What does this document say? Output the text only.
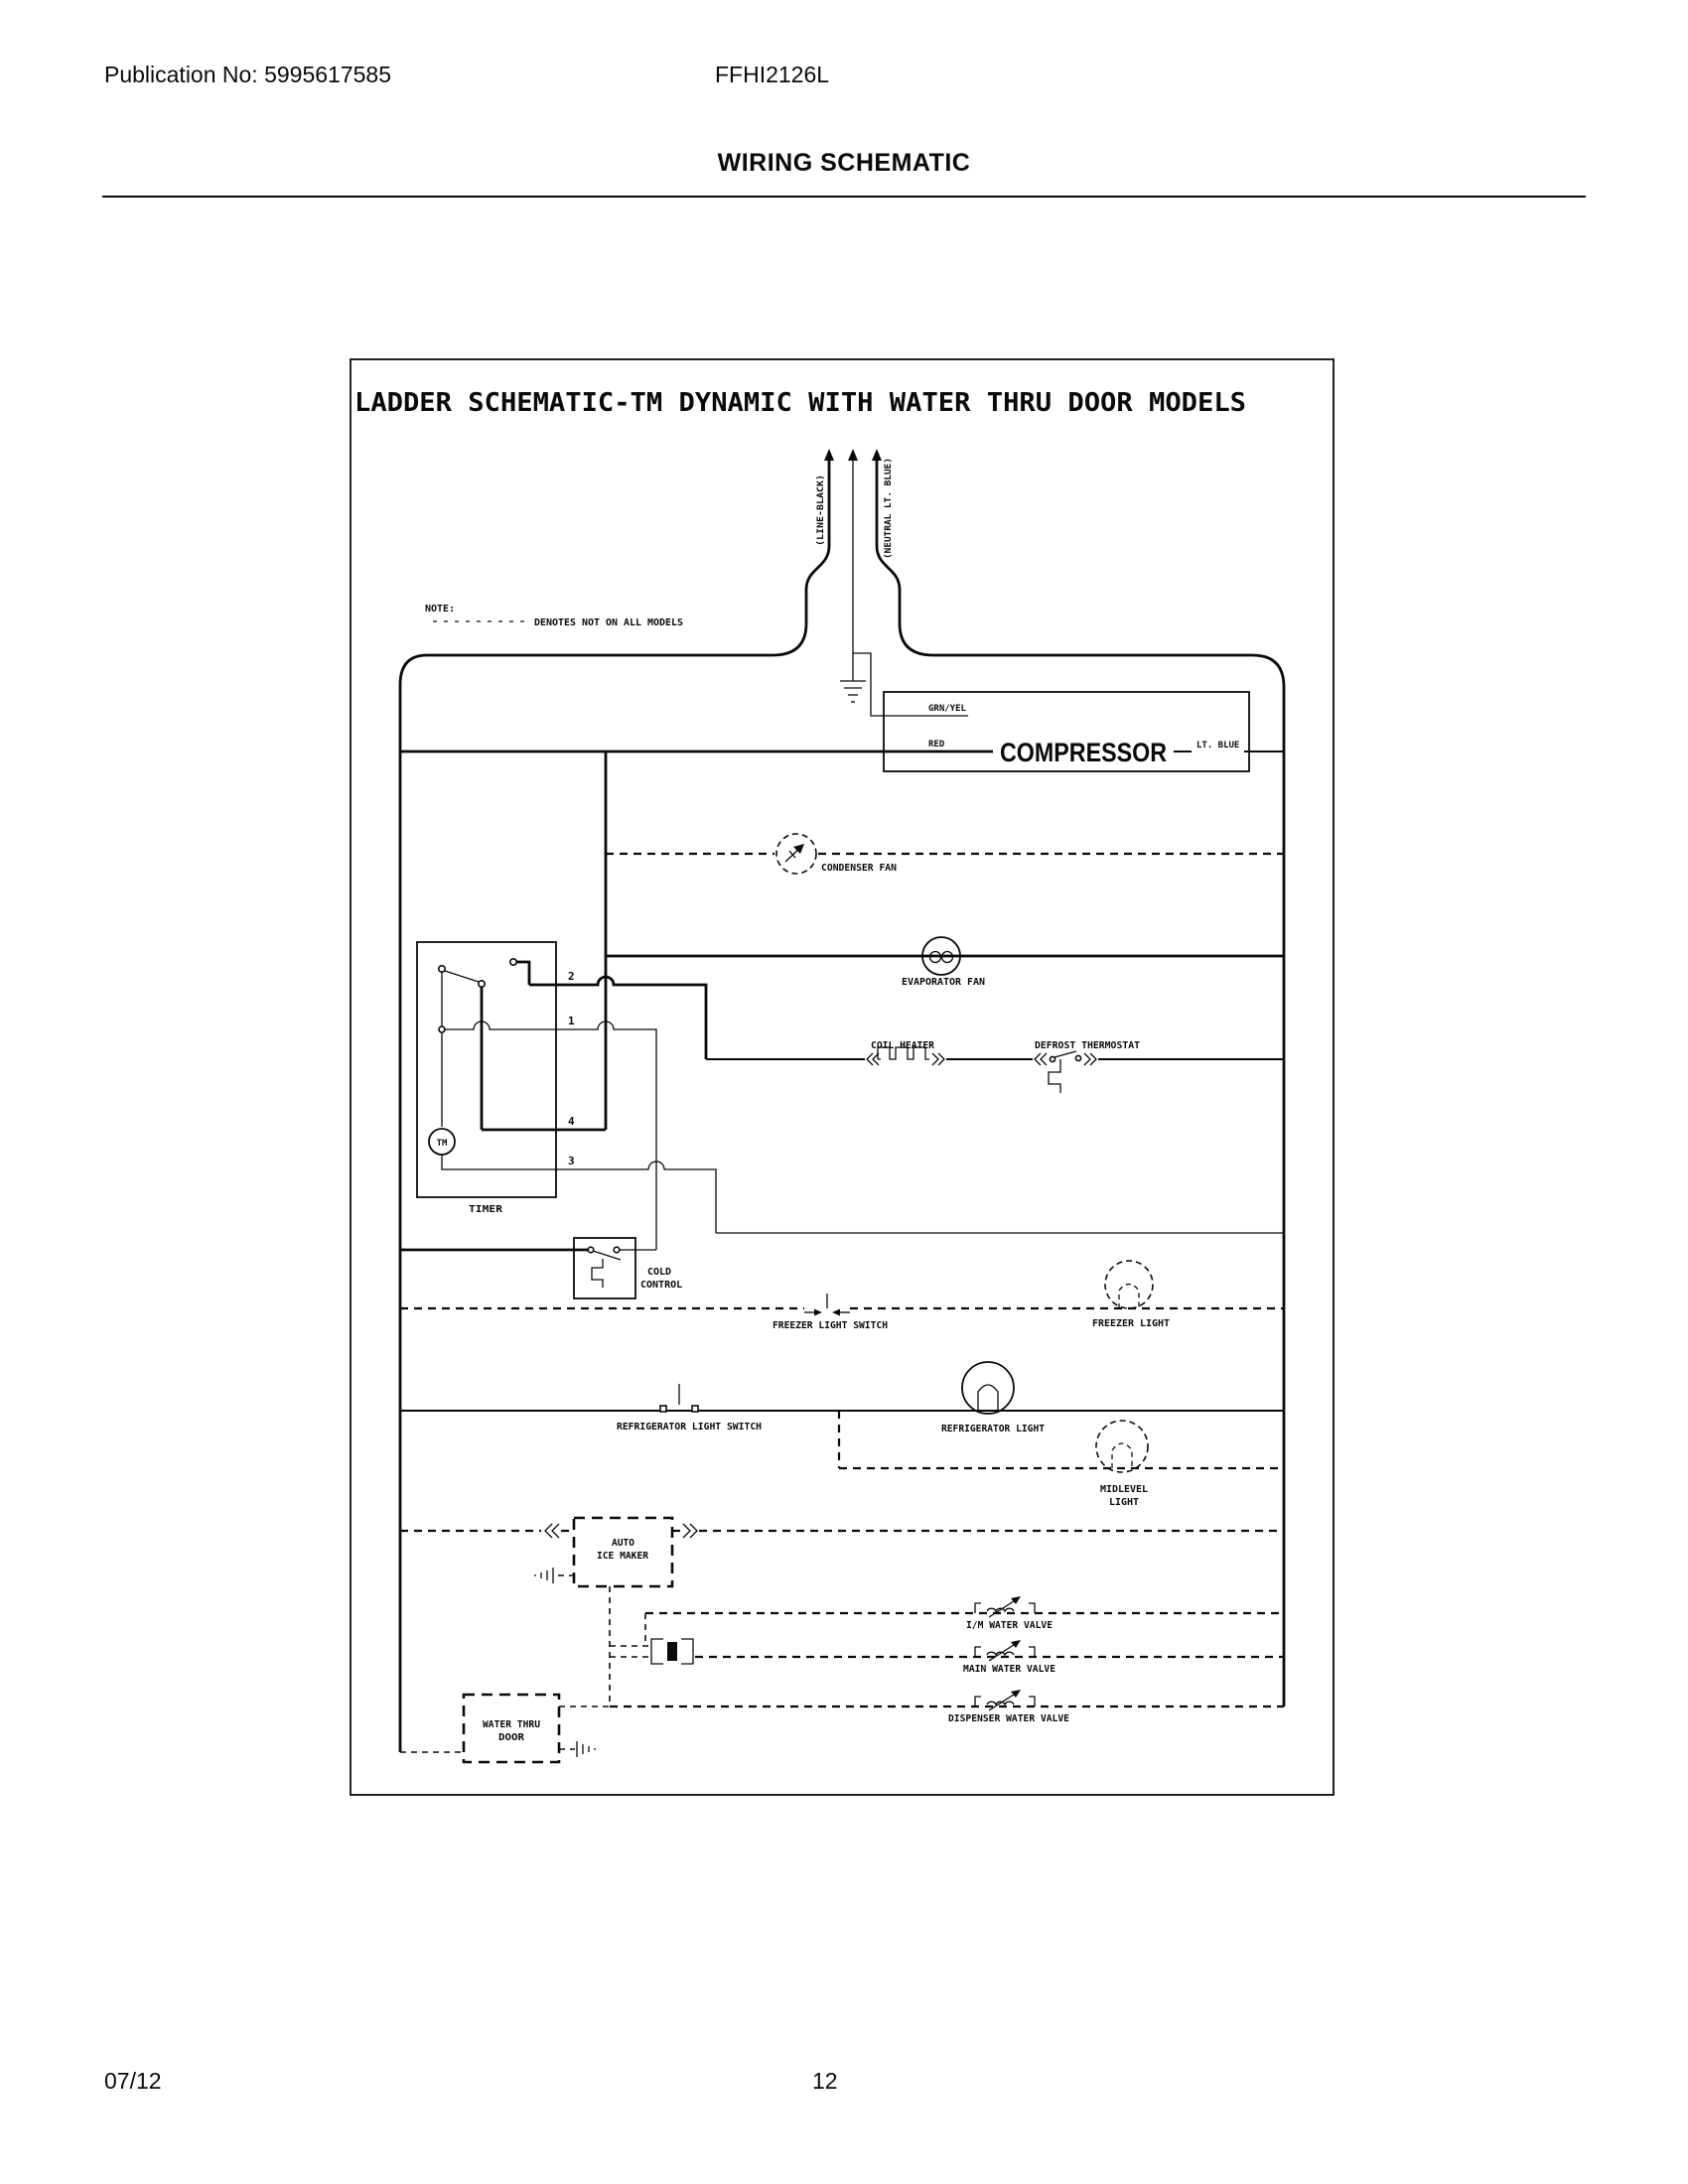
Publication No: 5995617585	FFHI2126L
WIRING SCHEMATIC
LADDER SCHEMATIC-TM DYNAMIC WITH WATER THRU DOOR MODELS
NOTE:
DENOTES NOT ON ALL MODELS
(LINE-BLACK)	(NEUTRAL LT. BLUE)
GRN/YEL
RED COMPRESSOR	LT. BLUE
CONDENSER FAN
EVAPORATOR FAN
TM
2
1
4
3
TIMER
COIL HEATER	DEFROST THERMOSTAT
COLD
CONTROL
FREEZER LIGHT SWITCH	FREEZER LIGHT
REFRIGERATOR LIGHT SWITCH	REFRIGERATOR LIGHT
MIDLEVEL
LIGHT
AUTO
ICE MAKER
I/M WATER VALVE
MAIN WATER VALVE
DISPENSER WATER VALVE
WATER THRU
DOOR
07/12	12
